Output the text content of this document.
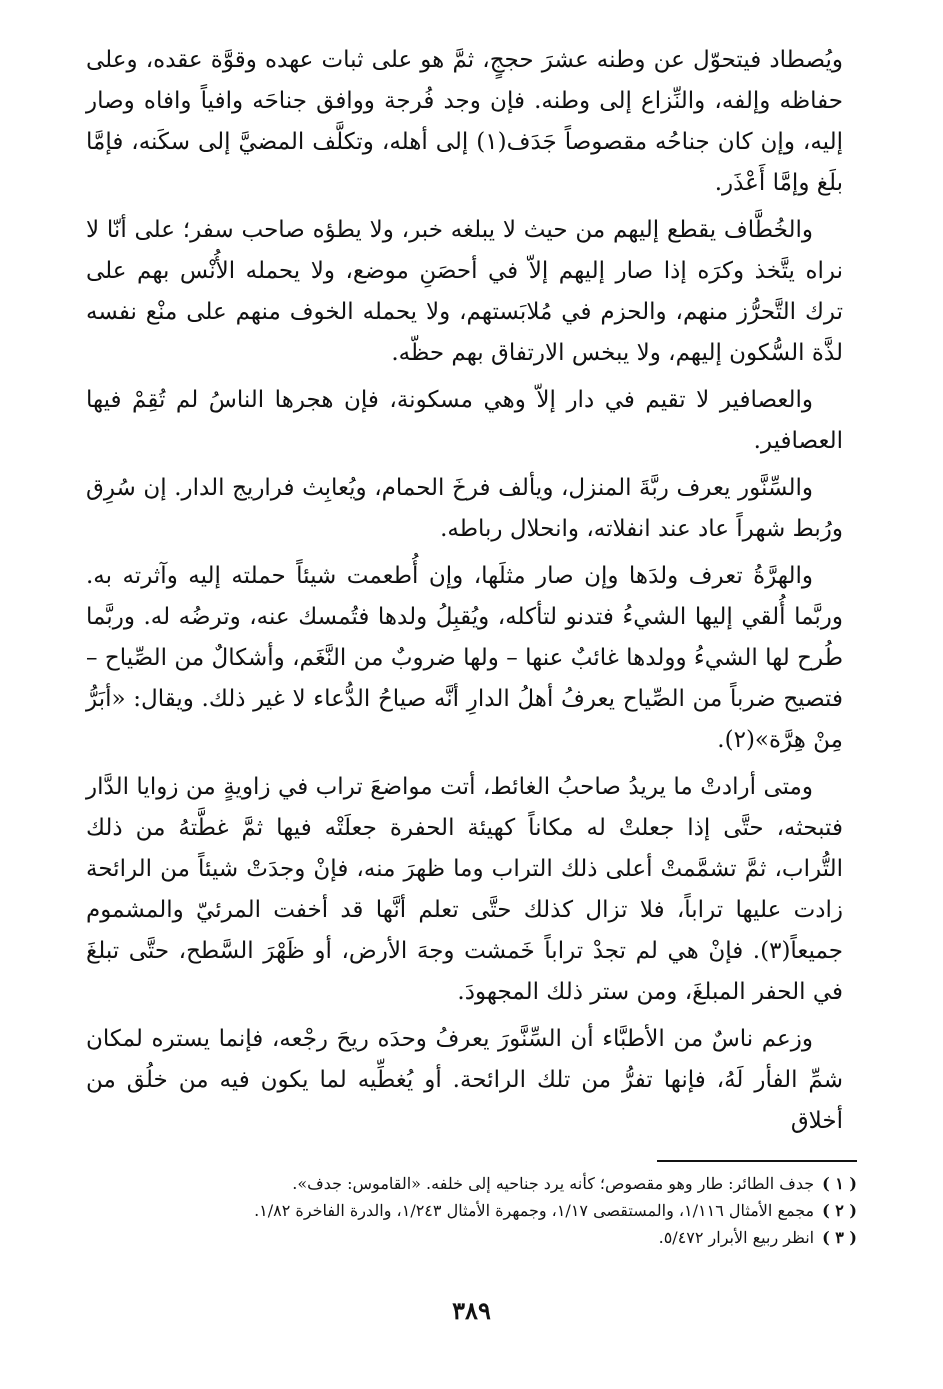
ويُصطاد فيتحوّل عن وطنه عشرَ حججٍ، ثمَّ هو على ثبات عهده وقوَّة عقده، وعلى حفاظه وإلفه، والنِّزاع إلى وطنه. فإن وجد فُرجة ووافق جناحَه وافياً وافاه وصار إليه، وإن كان جناحُه مقصوصاً جَدَف(١) إلى أهله، وتكلَّف المضيَّ إلى سكَنه، فإمَّا بلَغ وإمَّا أَعْذَر.

والخُطَّاف يقطع إليهم من حيث لا يبلغه خبر، ولا يطؤه صاحب سفر؛ على أنّا لا نراه يتَّخذ وكرَه إذا صار إليهم إلاّ في أحصَنِ موضع، ولا يحمله الأُنْس بهم على ترك التَّحرُّز منهم، والحزم في مُلابَستهم، ولا يحمله الخوف منهم على منْع نفسه لذَّة السُّكون إليهم، ولا يبخس الارتفاق بهم حظّه.

والعصافير لا تقيم في دار إلاّ وهي مسكونة، فإن هجرها الناسُ لم تُقِمْ فيها العصافير.

والسِّنَّور يعرف ربَّةَ المنزل، ويألف فرخَ الحمام، ويُعابِث فراريج الدار. إن سُرِق ورُبط شهراً عاد عند انفلاته، وانحلال رباطه.

والهرَّةُ تعرف ولدَها وإن صار مثلَها، وإن أُطعمت شيئاً حملته إليه وآثرته به. وربَّما أُلقي إليها الشيءُ فتدنو لتأكله، ويُقبِلُ ولدها فتُمسك عنه، وترضُه له. وربَّما طُرح لها الشيءُ وولدها غائبٌ عنها – ولها ضروبٌ من النَّغَم، وأشكالٌ من الصِّياح – فتصيح ضرباً من الصِّياح يعرفُ أهلُ الدارِ أنَّه صياحُ الدُّعاء لا غير ذلك. ويقال: «أبَرُّ مِنْ هِرَّة»(٢).

ومتى أرادتْ ما يريدُ صاحبُ الغائط، أتت مواضعَ تراب في زاويةٍ من زوايا الدَّار فتبحثه، حتَّى إذا جعلتْ له مكاناً كهيئة الحفرة جعلَتْه فيها ثمَّ غطَّتهُ من ذلك التُّراب، ثمَّ تشمَّمتْ أعلى ذلك التراب وما ظهرَ منه، فإنْ وجدَتْ شيئاً من الرائحة زادت عليها تراباً، فلا تزال كذلك حتَّى تعلم أنَّها قد أخفت المرئيّ والمشموم جميعاً(٣). فإنْ هي لم تجدْ تراباً خَمشت وجهَ الأرض، أو ظَهْرَ السَّطح، حتَّى تبلغَ في الحفر المبلغَ، ومن ستر ذلك المجهودَ.

وزعم ناسٌ من الأطبَّاء أن السِّنَّورَ يعرفُ وحدَه ريحَ رجْعه، فإنما يستره لمكان شمِّ الفأر لَهُ، فإنها تفرُّ من تلك الرائحة. أو يُغطِّيه لما يكون فيه من خلُق من أخلاق

( ١ )جدف الطائر: طار وهو مقصوص؛ كأنه يرد جناحيه إلى خلفه. «القاموس: جدف».
( ٢ )مجمع الأمثال ١/١١٦، والمستقصى ١/١٧، وجمهرة الأمثال ١/٢٤٣، والدرة الفاخرة ١/٨٢.
( ٣ )انظر ربيع الأبرار ٥/٤٧٢.
٣٨٩
